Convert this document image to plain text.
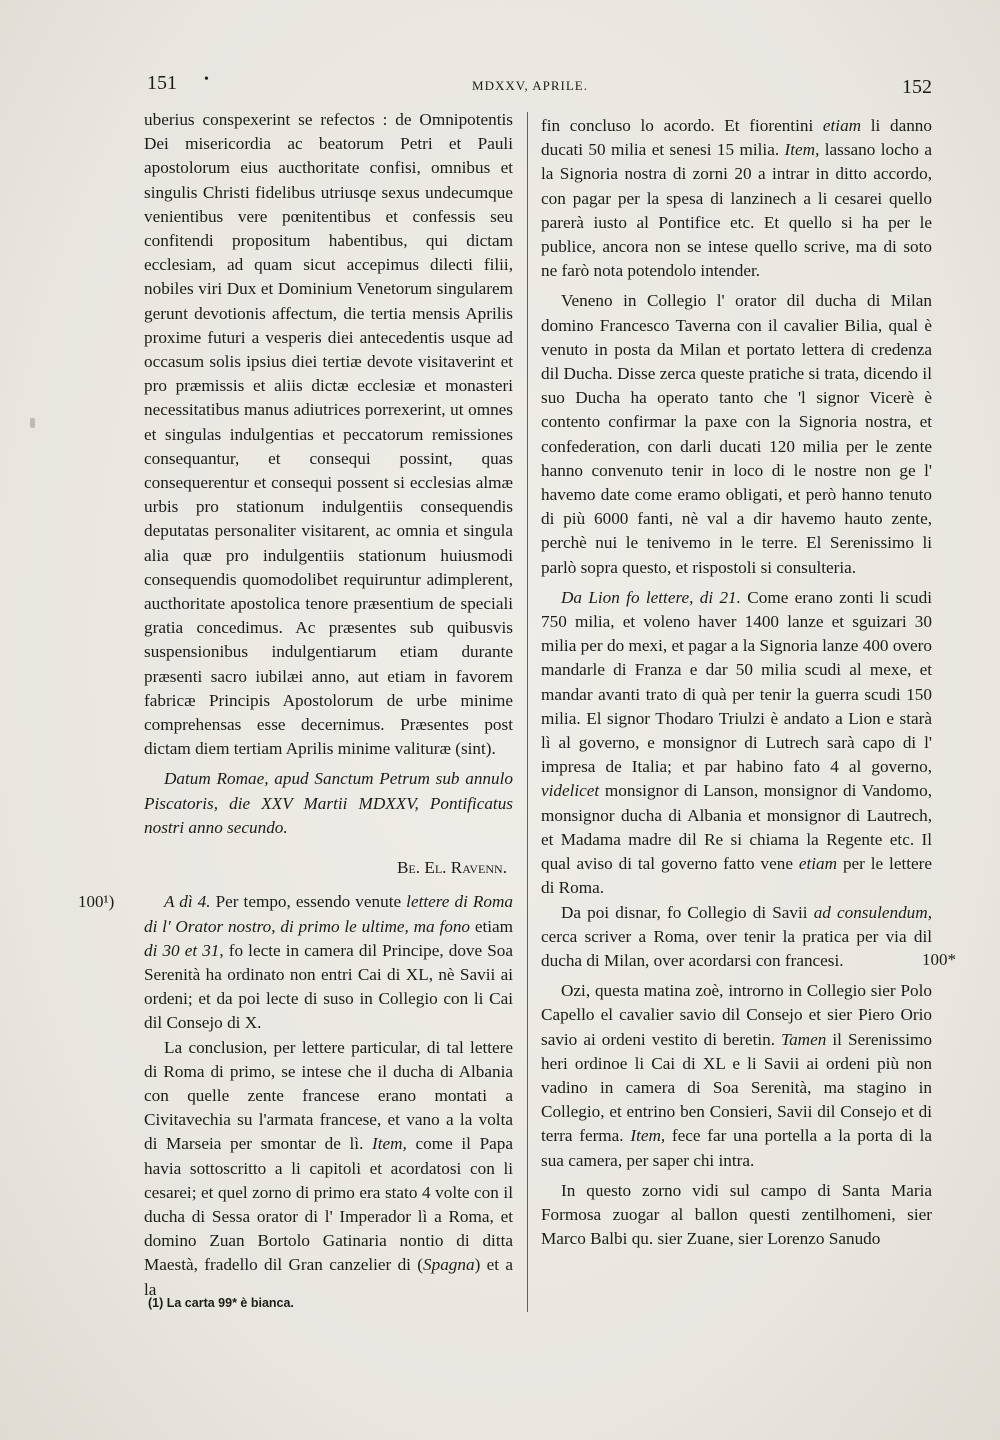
151 •	MDXXV, APRILE.	152

uberius conspexerint se refectos : de Omnipotentis Dei misericordia ac beatorum Petri et Pauli apostolorum eius aucthoritate confisi, omnibus et singulis Christi fidelibus utriusqe sexus undecumque venientibus vere pœnitentibus et confessis seu confitendi propositum habentibus, qui dictam ecclesiam, ad quam sicut accepimus dilecti filii, nobiles viri Dux et Dominium Venetorum singularem gerunt devotionis affectum, die tertia mensis Aprilis proxime futuri a vesperis diei antecedentis usque ad occasum solis ipsius diei tertiæ devote visitaverint et pro præmissis et aliis dictæ ecclesiæ et monasteri necessitatibus manus adiutrices porrexerint, ut omnes et singulas indulgentias et peccatorum remissiones consequantur, et consequi possint, quas consequerentur et consequi possent si ecclesias almæ urbis pro stationum indulgentiis consequendis deputatas personaliter visitarent, ac omnia et singula alia quæ pro indulgentiis stationum huiusmodi consequendis quomodolibet requiruntur adimplerent, aucthoritate apostolica tenore præsentium de speciali gratia concedimus. Ac præsentes sub quibusvis suspensionibus indulgentiarum etiam durante præsenti sacro iubilæi anno, aut etiam in favorem fabricæ Principis Apostolorum de urbe minime comprehensas esse decernimus. Præsentes post dictam diem tertiam Aprilis minime valituræ (sint).

Datum Romae, apud Sanctum Petrum sub annulo Piscatoris, die XXV Martii MDXXV, Pontificatus nostri anno secundo.

Be. El. Ravenn.

A dì 4. Per tempo, essendo venute lettere di Roma di l' Orator nostro, di primo le ultime, ma fono etiam di 30 et 31, fo lecte in camera dil Principe, dove Soa Serenità ha ordinato non entri Cai di XL, nè Savii ai ordeni; et da poi lecte di suso in Collegio con li Cai dil Consejo di X.

La conclusion, per lettere particular, di tal lettere di Roma di primo, se intese che il ducha di Albania con quelle zente francese erano montati a Civitavechia su l'armata francese, et vano a la volta di Marseia per smontar de lì. Item, come il Papa havia sottoscritto a li capitoli et acordatosi con li cesarei; et quel zorno di primo era stato 4 volte con il ducha di Sessa orator di l' Imperador lì a Roma, et domino Zuan Bortolo Gatinaria nontio di ditta Maestà, fradello dil Gran canzelier di (Spagna) et a la

fin concluso lo acordo. Et fiorentini etiam li danno ducati 50 milia et senesi 15 milia. Item, lassano locho a la Signoria nostra di zorni 20 a intrar in ditto accordo, con pagar per la spesa di lanzinech a li cesarei quello parerà iusto al Pontifice etc. Et quello si ha per le publice, ancora non se intese quello scrive, ma di soto ne farò nota potendolo intender.

Veneno in Collegio l' orator dil ducha di Milan domino Francesco Taverna con il cavalier Bilia, qual è venuto in posta da Milan et portato lettera di credenza dil Ducha. Disse zerca queste pratiche si trata, dicendo il suo Ducha ha operato tanto che 'l signor Vicerè è contento confirmar la paxe con la Signoria nostra, et confederation, con darli ducati 120 milia per le zente hanno convenuto tenir in loco di le nostre non ge l' havemo date come eramo obligati, et però hanno tenuto di più 6000 fanti, nè val a dir havemo hauto zente, perchè nui le tenivemo in le terre. El Serenissimo li parlò sopra questo, et rispostoli si consulteria.

Da Lion fo lettere, di 21. Come erano zonti li scudi 750 milia, et voleno haver 1400 lanze et sguizari 30 milia per do mexi, et pagar a la Signoria lanze 400 overo mandarle di Franza e dar 50 milia scudi al mexe, et mandar avanti trato di quà per tenir la guerra scudi 150 milia. El signor Thodaro Triulzi è andato a Lion e starà lì al governo, e monsignor di Lutrech sarà capo di l' impresa de Italia; et par habino fato 4 al governo, videlicet monsignor di Lanson, monsignor di Vandomo, monsignor ducha di Albania et monsignor di Lautrech, et Madama madre dil Re si chiama la Regente etc. Il qual aviso di tal governo fatto vene etiam per le lettere di Roma.

Da poi disnar, fo Collegio di Savii ad consulendum, cerca scriver a Roma, over tenir la pratica per via dil ducha di Milan, over acordarsi con francesi.

Ozi, questa matina zoè, introrno in Collegio sier Polo Capello el cavalier savio dil Consejo et sier Piero Orio savio ai ordeni vestito di beretin. Tamen il Serenissimo heri ordinoe li Cai di XL e li Savii ai ordeni più non vadino in camera di Soa Serenità, ma stagino in Collegio, et entrino ben Consieri, Savii dil Consejo et di terra ferma. Item, fece far una portella a la porta di la sua camera, per saper chi intra.

In questo zorno vidi sul campo di Santa Maria Formosa zuogar al ballon questi zentilhomeni, sier Marco Balbi qu. sier Zuane, sier Lorenzo Sanudo

100¹)
100*
(1) La carta 99* è bianca.
